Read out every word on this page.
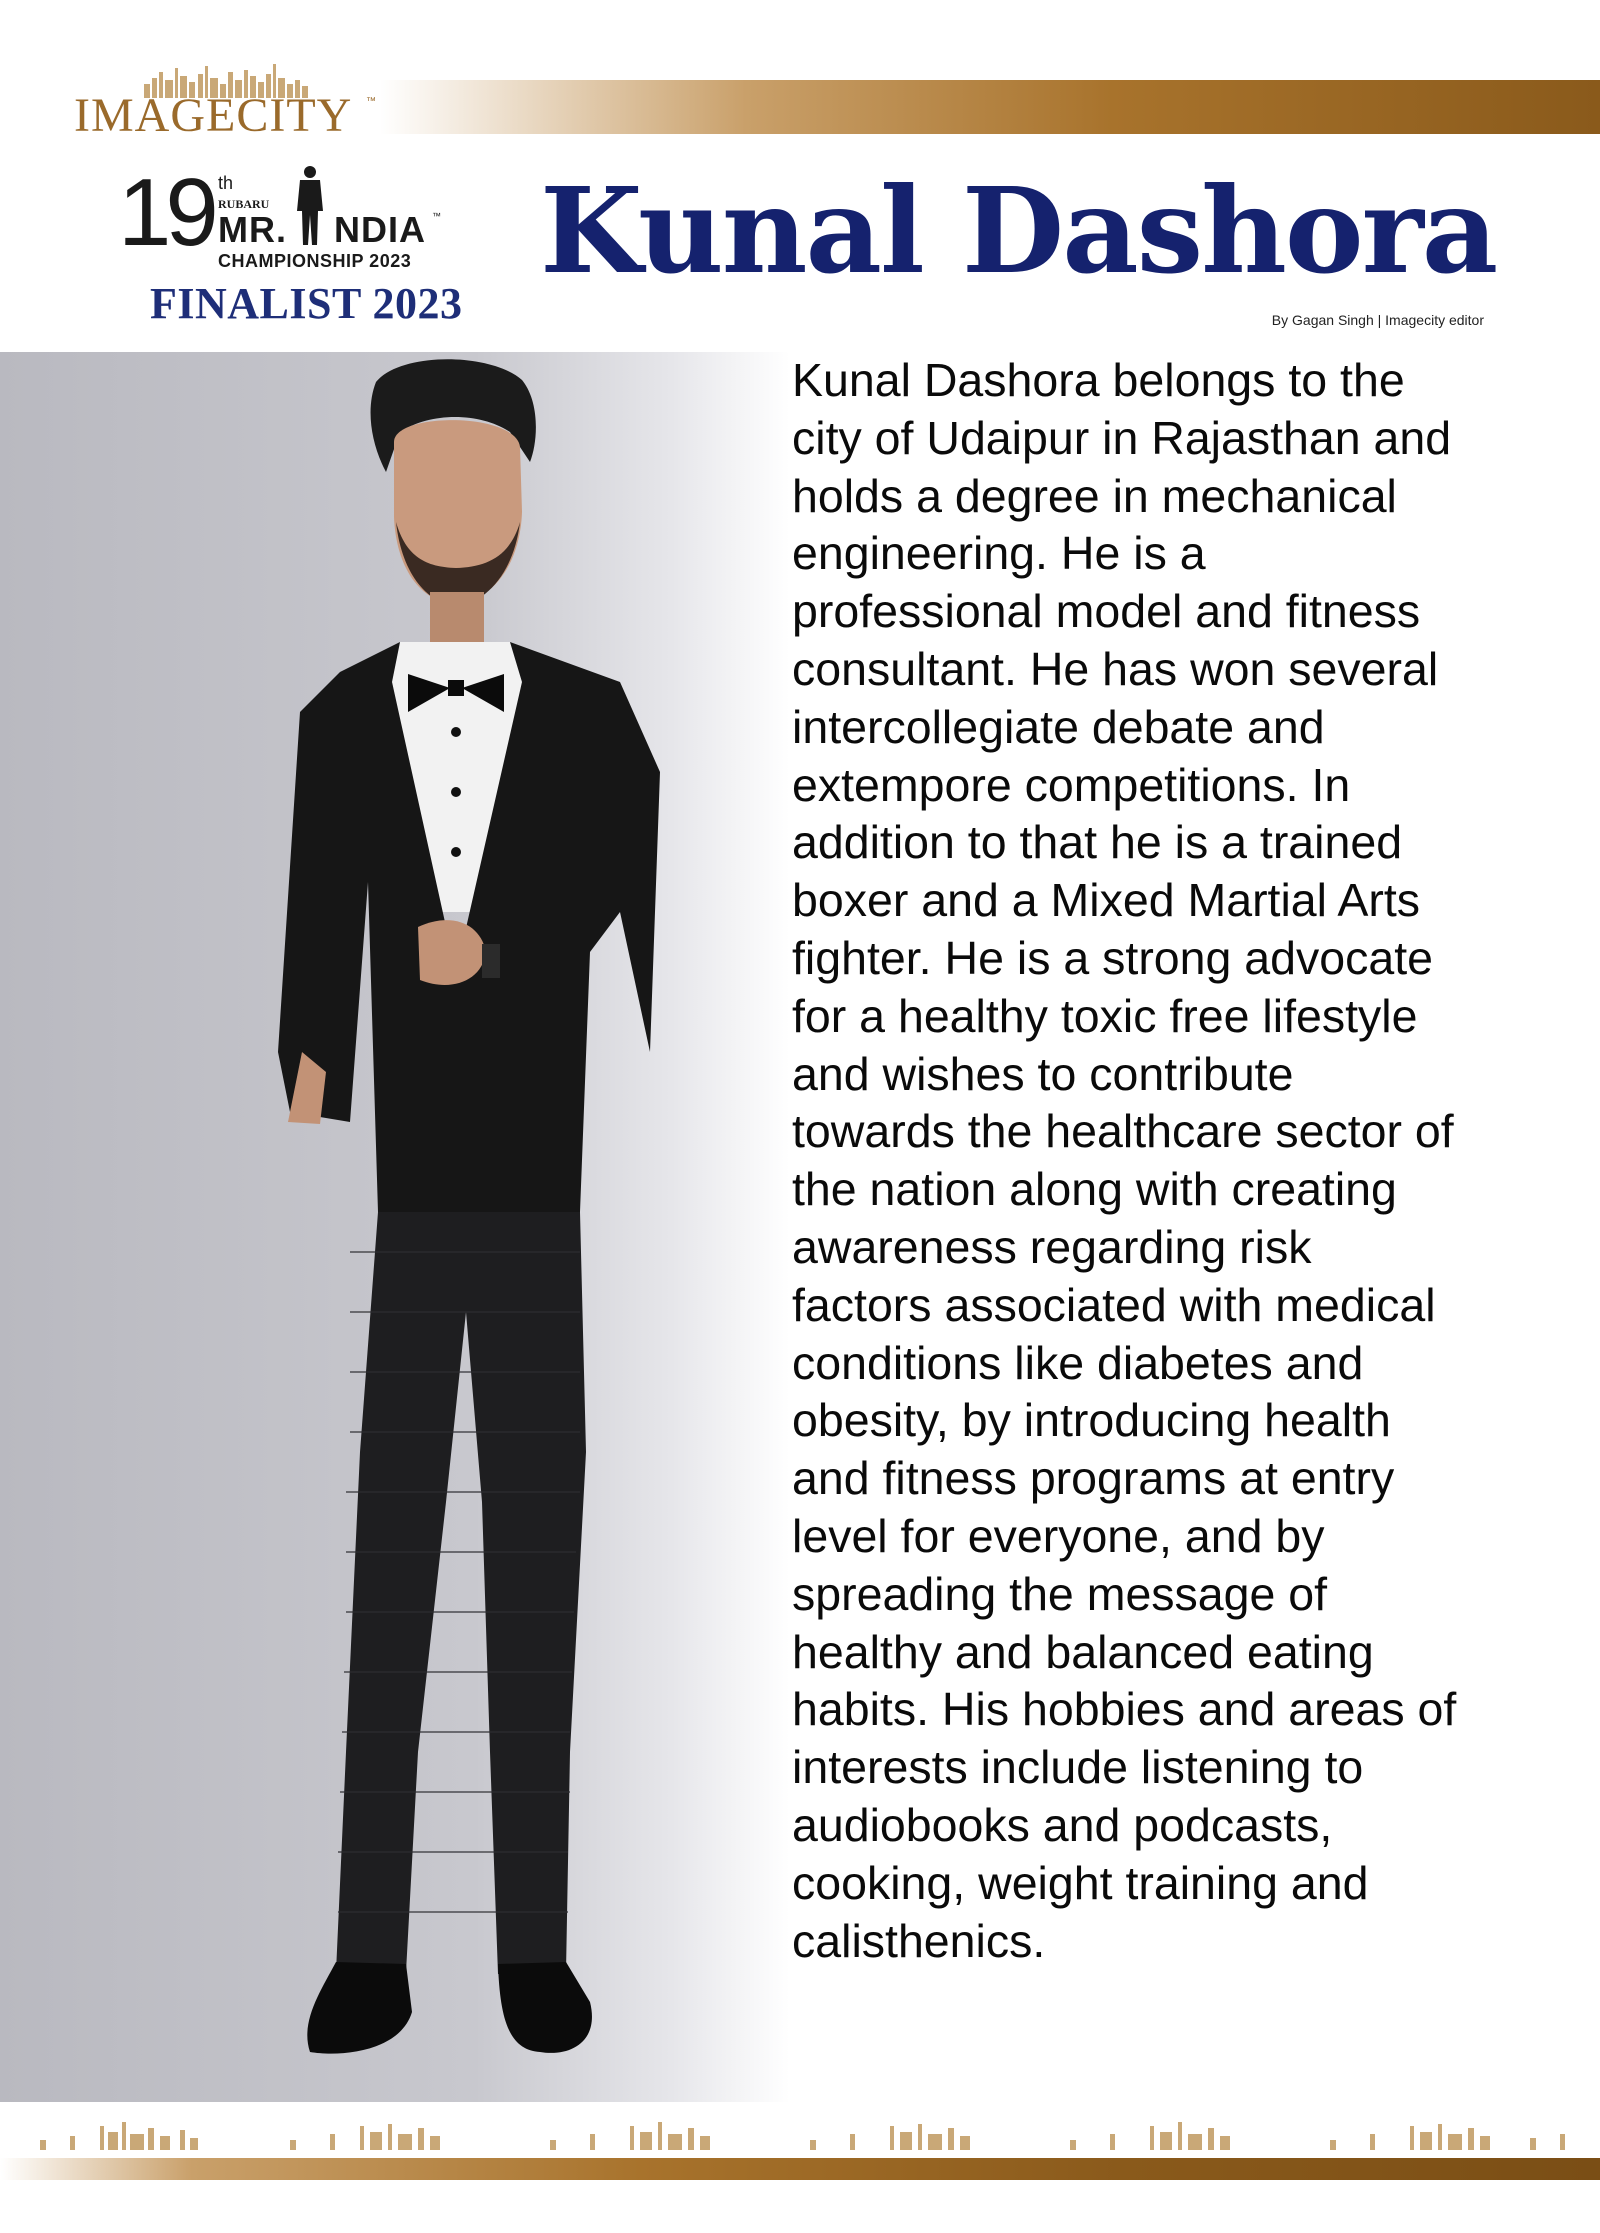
IMAGECITY ™
19 th
RUBARU
MR. NDIA ™
CHAMPIONSHIP 2023
FINALIST 2023
Kunal Dashora
By Gagan Singh | Imagecity editor

Kunal Dashora belongs to the
city of Udaipur in Rajasthan and
holds a degree in mechanical
engineering. He is a
professional model and fitness
consultant. He has won several
intercollegiate debate and
extempore competitions. In
addition to that he is a trained
boxer and a Mixed Martial Arts
fighter. He is a strong advocate
for a healthy toxic free lifestyle
and wishes to contribute
towards the healthcare sector of
the nation along with creating
awareness regarding risk
factors associated with medical
conditions like diabetes and
obesity, by introducing health
and fitness programs at entry
level for everyone, and by
spreading the message of
healthy and balanced eating
habits. His hobbies and areas of
interests include listening to
audiobooks and podcasts,
cooking, weight training and
calisthenics.
